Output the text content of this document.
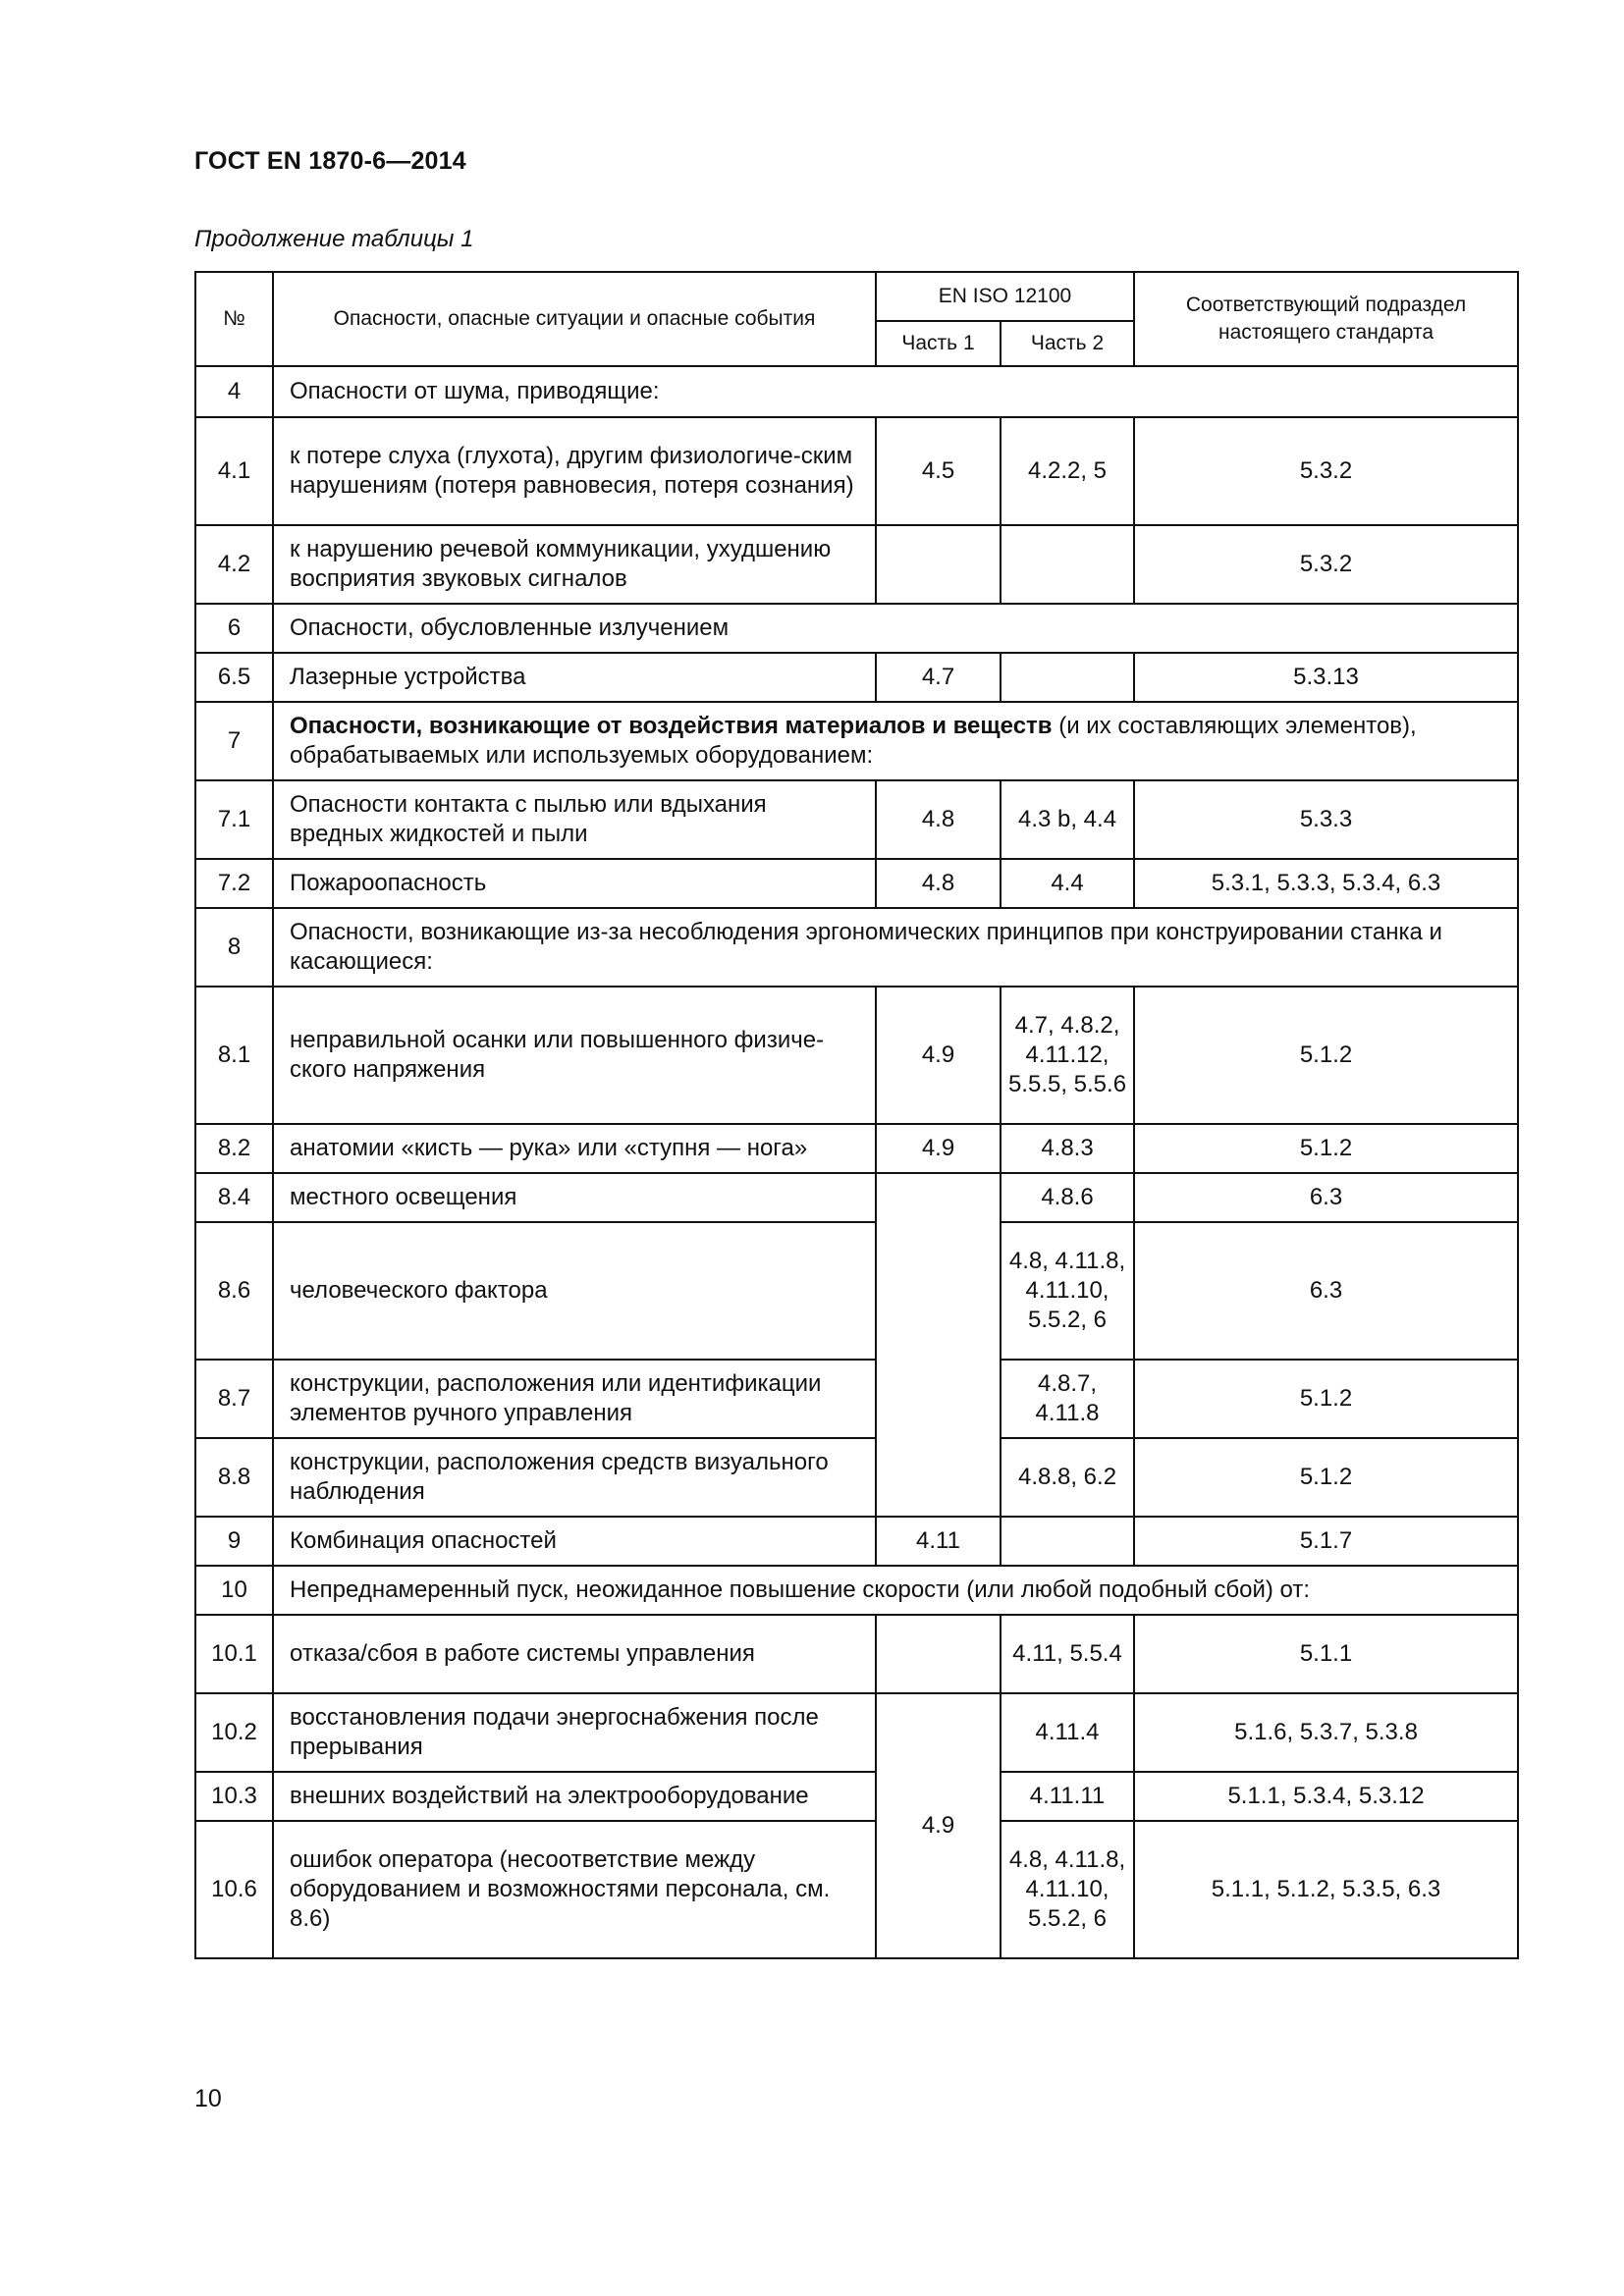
ГОСТ EN 1870-6—2014
Продолжение таблицы 1
№	Опасности, опасные ситуации и опасные события	EN ISO 12100		Соответствующий подраздел настоящего стандарта
		Часть 1	Часть 2	
4	Опасности от шума, приводящие:			
4.1	к потере слуха (глухота), другим физиологиче-ским нарушениям (потеря равновесия, потеря сознания)	4.5	4.2.2, 5	5.3.2
4.2	к нарушению речевой коммуникации, ухудшению восприятия звуковых сигналов			5.3.2
6	Опасности, обусловленные излучением			
6.5	Лазерные устройства	4.7		5.3.13
7	Опасности, возникающие от воздействия материалов и веществ (и их составляющих элементов), обрабатываемых или используемых оборудованием:			
7.1	Опасности контакта с пылью или вдыхания вредных жидкостей и пыли	4.8	4.3 b, 4.4	5.3.3
7.2	Пожароопасность	4.8	4.4	5.3.1, 5.3.3, 5.3.4, 6.3
8	Опасности, возникающие из-за несоблюдения эргономических принципов при конструировании станка и касающиеся:			
8.1	неправильной осанки или повышенного физиче-ского напряжения	4.9	4.7, 4.8.2, 4.11.12, 5.5.5, 5.5.6	5.1.2
8.2	анатомии «кисть — рука» или «ступня — нога»	4.9	4.8.3	5.1.2
8.4	местного освещения		4.8.6	6.3
8.6	человеческого фактора		4.8, 4.11.8, 4.11.10, 5.5.2, 6	6.3
8.7	конструкции, расположения или идентификации элементов ручного управления		4.8.7, 4.11.8	5.1.2
8.8	конструкции, расположения средств визуального наблюдения		4.8.8, 6.2	5.1.2
9	Комбинация опасностей	4.11		5.1.7
10	Непреднамеренный пуск, неожиданное повышение скорости (или любой подобный сбой) от:			
10.1	отказа/сбоя в работе системы управления		4.11, 5.5.4	5.1.1
10.2	восстановления подачи энергоснабжения после прерывания	4.9	4.11.4	5.1.6, 5.3.7, 5.3.8
10.3	внешних воздействий на электрооборудование		4.11.11	5.1.1, 5.3.4, 5.3.12
10.6	ошибок оператора (несоответствие между оборудованием и возможностями персонала, см. 8.6)		4.8, 4.11.8, 4.11.10, 5.5.2, 6	5.1.1, 5.1.2, 5.3.5, 6.3
10
